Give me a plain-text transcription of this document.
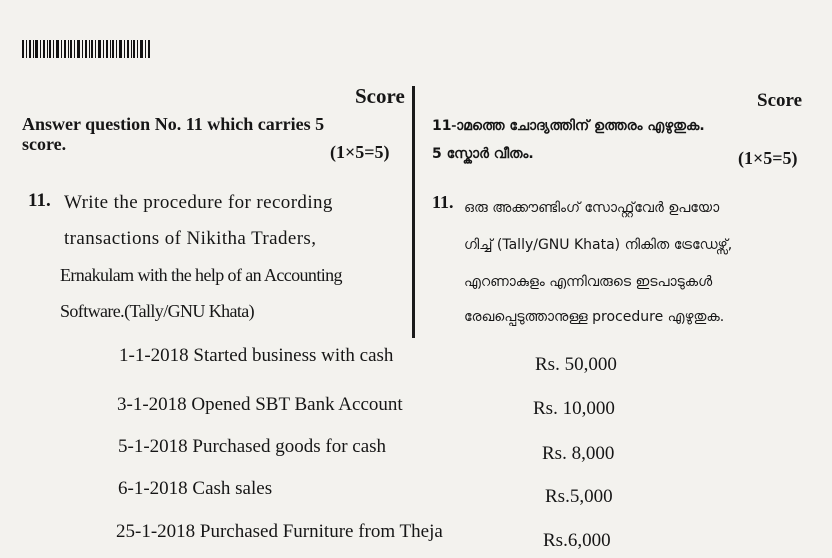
Score
Answer question No. 11 which carries 5
score.	(1×5=5)
11. Write the procedure for recording
transactions of Nikitha Traders,
Ernakulam with the help of an Accounting
Software.(Tally/GNU Khata)
Score
11-ാമത്തെ ചോദ്യത്തിന് ഉത്തരം എഴുതുക.
5 സ്കോർ വീതം.	(1×5=5)
11. ഒരു അക്കൗണ്ടിംഗ് സോഫ്റ്റ്‌വേർ ഉപയോ
ഗിച്ച് (Tally/GNU Khata) നികിത ട്രേഡേഴ്സ്,
എറണാകുളം എന്നിവരുടെ ഇടപാടുകൾ
രേഖപ്പെടുത്താനുള്ള procedure എഴുതുക.
1-1-2018 Started business with cash	Rs. 50,000
3-1-2018 Opened SBT Bank Account	Rs. 10,000
5-1-2018 Purchased goods for cash	Rs. 8,000
6-1-2018 Cash sales	Rs.5,000
25-1-2018 Purchased Furniture from Theja	Rs.6,000
